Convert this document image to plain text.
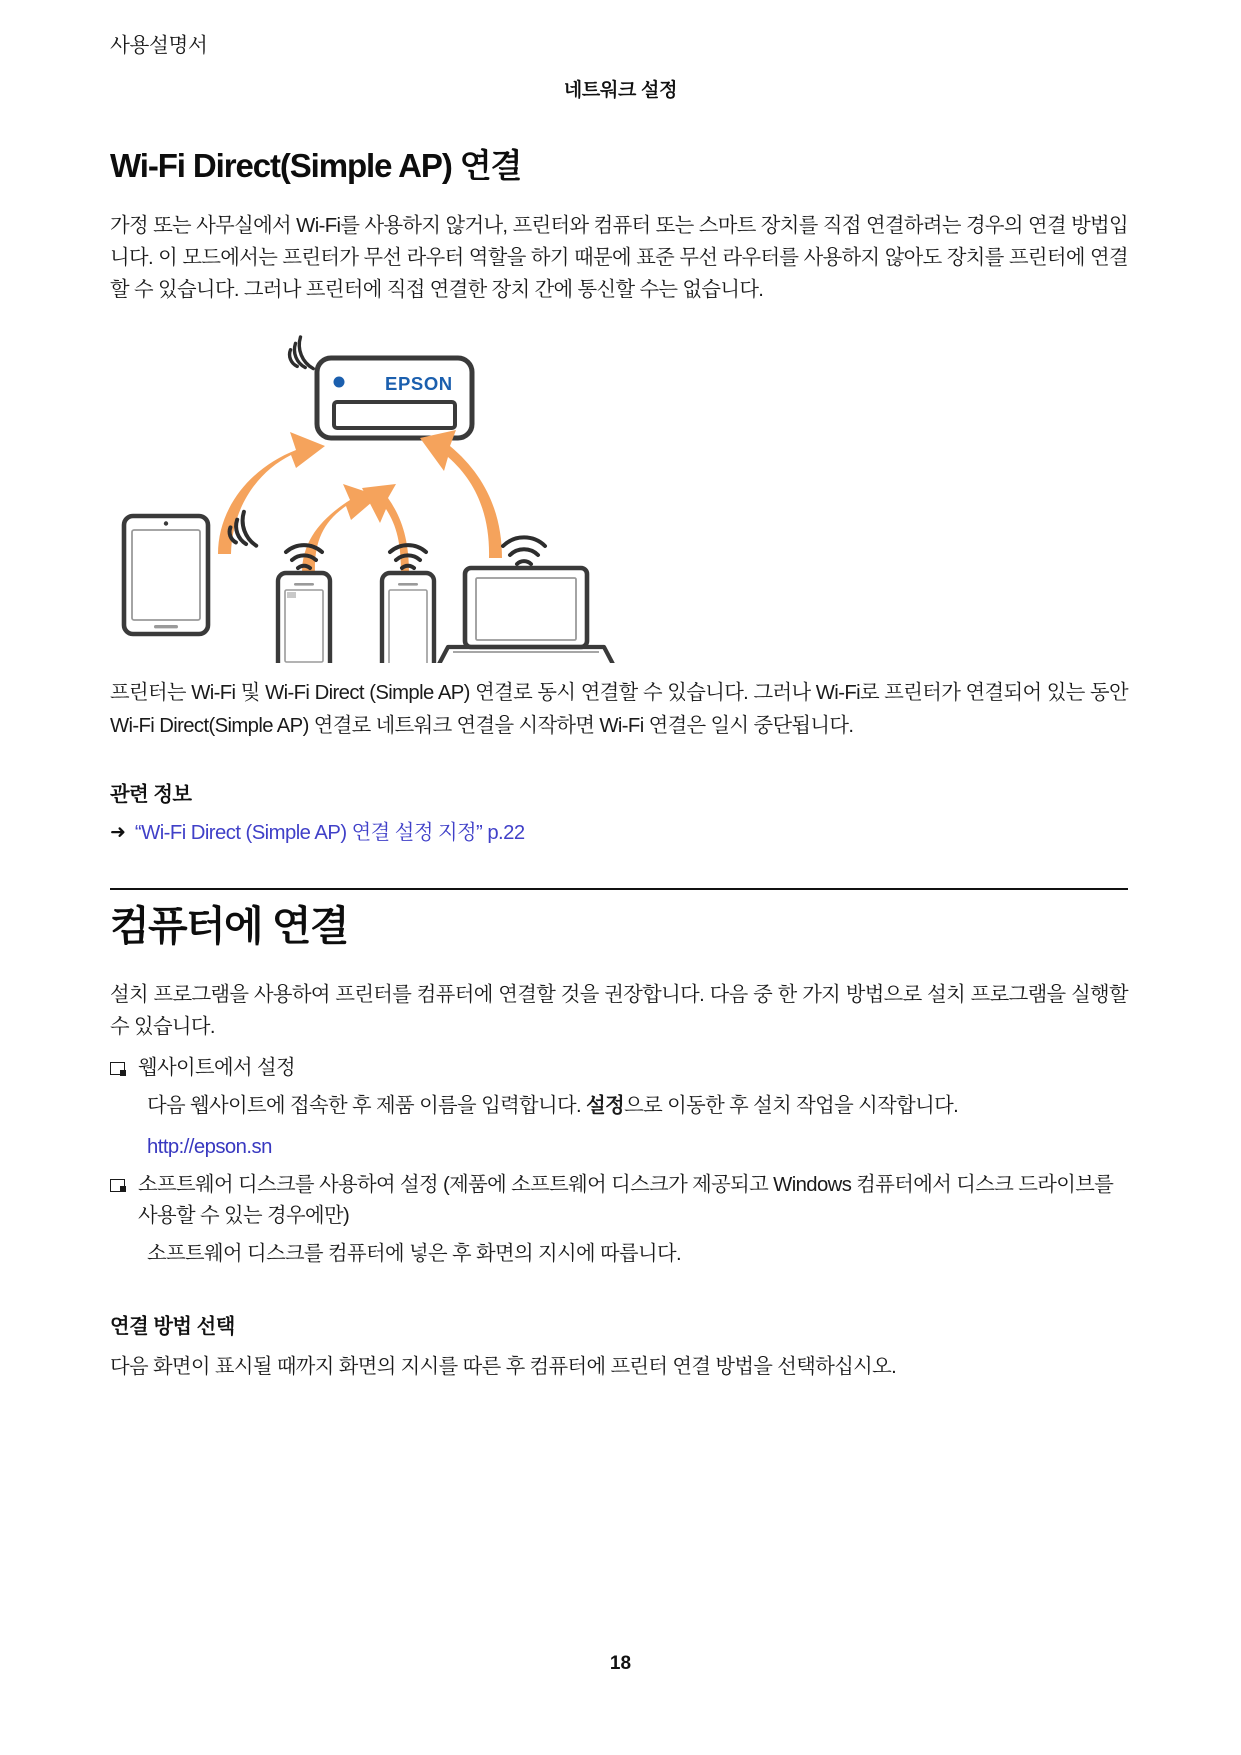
사용설명서
네트워크 설정
Wi-Fi Direct(Simple AP) 연결

가정 또는 사무실에서 Wi-Fi를 사용하지 않거나, 프린터와 컴퓨터 또는 스마트 장치를 직접 연결하려는 경우의 연결 방법입니다. 이 모드에서는 프린터가 무선 라우터 역할을 하기 때문에 표준 무선 라우터를 사용하지 않아도 장치를 프린터에 연결할 수 있습니다. 그러나 프린터에 직접 연결한 장치 간에 통신할 수는 없습니다.

EPSON

프린터는 Wi-Fi 및 Wi-Fi Direct (Simple AP) 연결로 동시 연결할 수 있습니다. 그러나 Wi-Fi로 프린터가 연결되어 있는 동안 Wi-Fi Direct(Simple AP) 연결로 네트워크 연결을 시작하면 Wi-Fi 연결은 일시 중단됩니다.

관련 정보
➜ “Wi-Fi Direct (Simple AP) 연결 설정 지정” p.22
컴퓨터에 연결

설치 프로그램을 사용하여 프린터를 컴퓨터에 연결할 것을 권장합니다. 다음 중 한 가지 방법으로 설치 프로그램을 실행할 수 있습니다.

웹사이트에서 설정
다음 웹사이트에 접속한 후 제품 이름을 입력합니다. 설정으로 이동한 후 설치 작업을 시작합니다.
http://epson.sn
소프트웨어 디스크를 사용하여 설정 (제품에 소프트웨어 디스크가 제공되고 Windows 컴퓨터에서 디스크 드라이브를 사용할 수 있는 경우에만)
소프트웨어 디스크를 컴퓨터에 넣은 후 화면의 지시에 따릅니다.
연결 방법 선택

다음 화면이 표시될 때까지 화면의 지시를 따른 후 컴퓨터에 프린터 연결 방법을 선택하십시오.

18
